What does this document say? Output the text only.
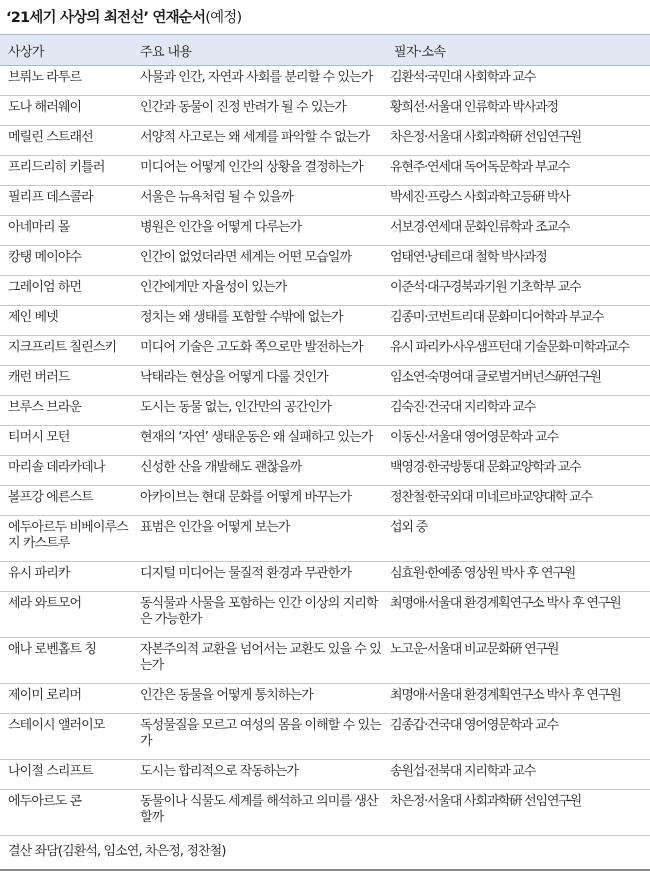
‘21세기 사상의 최전선’ 연재순서(예정)
사상가	주요 내용	필자·소속
브뤼노 라투르	사물과 인간, 자연과 사회를 분리할 수 있는가	김환석·국민대 사회학과 교수
도나 해러웨이	인간과 동물이 진정 반려가 될 수 있는가	황희선·서울대 인류학과 박사과정
메릴린 스트래선	서양적 사고로는 왜 세계를 파악할 수 없는가	차은정·서울대 사회과학硏 선임연구원
프리드리히 키틀러	미디어는 어떻게 인간의 상황을 결정하는가	유현주·연세대 독어독문학과 부교수
필리프 데스콜라	서울은 뉴욕처럼 될 수 있을까	박세진·프랑스 사회과학고등硏 박사
아네마리 몰	병원은 인간을 어떻게 다루는가	서보경·연세대 문화인류학과 조교수
캉탱 메이야수	인간이 없었더라면 세계는 어떤 모습일까	엄태연·낭테르대 철학 박사과정
그레이엄 하먼	인간에게만 자율성이 있는가	이준석·대구경북과기원 기초학부 교수
제인 베넷	정치는 왜 생태를 포함할 수밖에 없는가	김종미·코번트리대 문화미디어학과 부교수
지크프리트 칠린스키	미디어 기술은 고도화 쪽으로만 발전하는가	유시 파리카·사우샘프턴대 기술문화·미학과교수
캐런 버러드	낙태라는 현상을 어떻게 다룰 것인가	임소연·숙명여대 글로벌거버넌스硏연구원
브루스 브라운	도시는 동물 없는, 인간만의 공간인가	김숙진·건국대 지리학과 교수
티머시 모턴	현재의 ‘자연’ 생태운동은 왜 실패하고 있는가	이동신·서울대 영어영문학과 교수
마리솔 데라카데나	신성한 산을 개발해도 괜찮을까	백영경·한국방통대 문화교양학과 교수
볼프강 에른스트	아카이브는 현대 문화를 어떻게 바꾸는가	정찬철·한국외대 미네르바교양대학 교수
에두아르두 비베이루스 지 카스트루	표범은 인간을 어떻게 보는가	섭외 중
유시 파리카	디지털 미디어는 물질적 환경과 무관한가	심효원·한예종 영상원 박사 후 연구원
세라 와트모어	동식물과 사물을 포함하는 인간 이상의 지리학은 가능한가	최명애·서울대 환경계획연구소 박사 후 연구원
애나 로벤홉트 칭	자본주의적 교환을 넘어서는 교환도 있을 수 있는가	노고운·서울대 비교문화硏 연구원
제이미 로리머	인간은 동물을 어떻게 통치하는가	최명애·서울대 환경계획연구소 박사 후 연구원
스테이시 앨러이모	독성물질을 모르고 여성의 몸을 이해할 수 있는가	김종갑·건국대 영어영문학과 교수
나이절 스리프트	도시는 합리적으로 작동하는가	송원섭·전북대 지리학과 교수
에두아르도 콘	동물이나 식물도 세계를 해석하고 의미를 생산할까	차은정·서울대 사회과학硏 선임연구원
결산 좌담(김환석, 임소연, 차은정, 정찬철)		
